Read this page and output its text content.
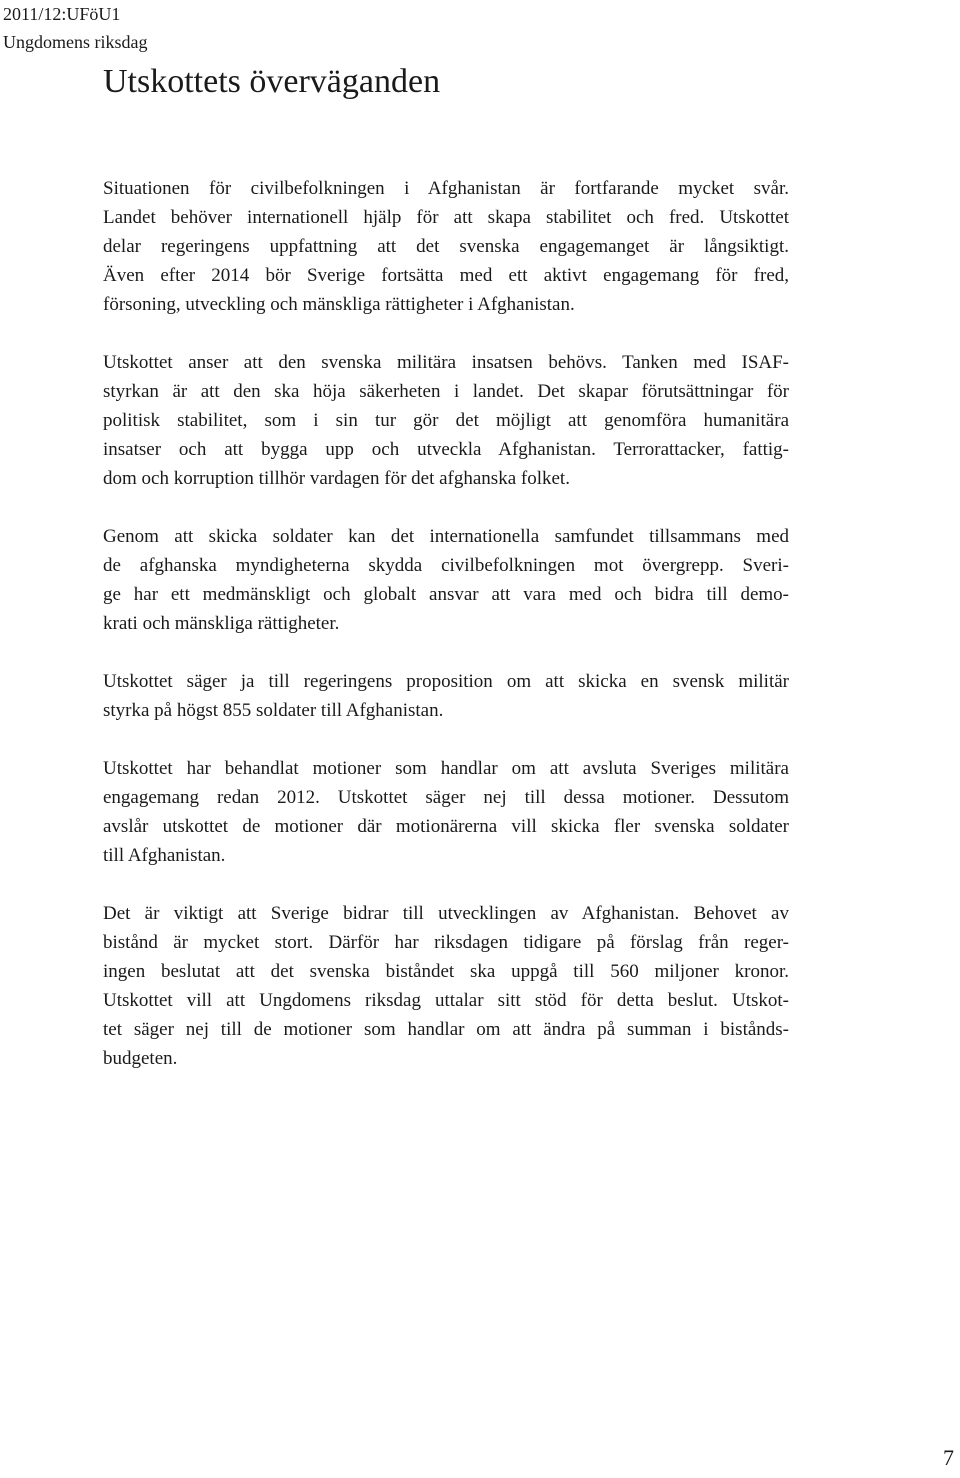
2011/12:UFöU1
Ungdomens riksdag
Utskottets överväganden

Situationen för civilbefolkningen i Afghanistan är fortfarande mycket svår.
Landet behöver internationell hjälp för att skapa stabilitet och fred. Utskottet
delar regeringens uppfattning att det svenska engagemanget är långsiktigt.
Även efter 2014 bör Sverige fortsätta med ett aktivt engagemang för fred,
försoning, utveckling och mänskliga rättigheter i Afghanistan.

Utskottet anser att den svenska militära insatsen behövs. Tanken med ISAF-
styrkan är att den ska höja säkerheten i landet. Det skapar förutsättningar för
politisk stabilitet, som i sin tur gör det möjligt att genomföra humanitära
insatser och att bygga upp och utveckla Afghanistan. Terrorattacker, fattig-
dom och korruption tillhör vardagen för det afghanska folket.

Genom att skicka soldater kan det internationella samfundet tillsammans med
de afghanska myndigheterna skydda civilbefolkningen mot övergrepp. Sveri-
ge har ett medmänskligt och globalt ansvar att vara med och bidra till demo-
krati och mänskliga rättigheter.

Utskottet säger ja till regeringens proposition om att skicka en svensk militär
styrka på högst 855 soldater till Afghanistan.

Utskottet har behandlat motioner som handlar om att avsluta Sveriges militära
engagemang redan 2012. Utskottet säger nej till dessa motioner. Dessutom
avslår utskottet de motioner där motionärerna vill skicka fler svenska soldater
till Afghanistan.

Det är viktigt att Sverige bidrar till utvecklingen av Afghanistan. Behovet av
bistånd är mycket stort. Därför har riksdagen tidigare på förslag från reger-
ingen beslutat att det svenska biståndet ska uppgå till 560 miljoner kronor.
Utskottet vill att Ungdomens riksdag uttalar sitt stöd för detta beslut. Utskot-
tet säger nej till de motioner som handlar om att ändra på summan i bistånds-
budgeten.

7
